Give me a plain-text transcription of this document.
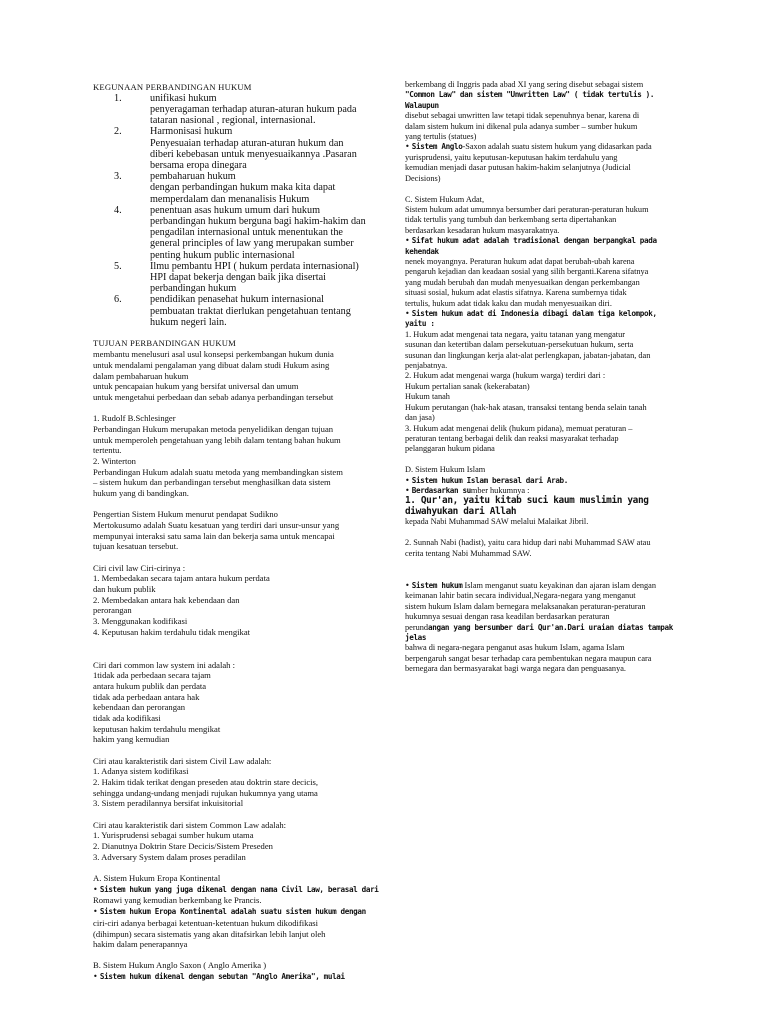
KEGUNAAN PERBANDINGAN HUKUM

1.	unifikasi hukum
penyeragaman terhadap aturan-aturan hukum pada
tataran nasional , regional, internasional.
2.	Harmonisasi hukum
Penyesuaian terhadap aturan-aturan hukum dan
diberi kebebasan untuk menyesuaikannya .Pasaran
bersama eropa dinegara
3.	pembaharuan hukum
dengan perbandingan hukum maka kita dapat
memperdalam dan menanalisis Hukum
4.	penentuan asas hukum umum dari hukum
perbandingan hukum berguna bagi hakim-hakim dan
pengadilan internasional untuk menentukan the
general principles of law yang merupakan sumber
penting hukum public internasional
5.	Ilmu pembantu HPI ( hukum perdata internasional)
HPI dapat bekerja dengan baik jika disertai
perbandingan hukum
6.	pendidikan penasehat hukum internasional
pembuatan traktat dierlukan pengetahuan tentang
hukum negeri lain.

TUJUAN PERBANDINGAN HUKUM

membantu menelusuri asal usul konsepsi perkembangan hukum dunia

untuk mendalami pengalaman yang dibuat dalam studi Hukum asing

dalam pembaharuan hukum

untuk pencapaian hukum yang bersifat universal dan umum

untuk mengetahui perbedaan dan sebab adanya perbandingan tersebut

1. Rudolf B.Schlesinger

Perbandingan Hukum merupakan metoda penyelidikan dengan tujuan

untuk memperoleh pengetahuan yang lebih dalam tentang bahan hukum

tertentu.

2. Winterton

Perbandingan Hukum adalah suatu metoda yang membandingkan sistem

– sistem hukum dan perbandingan tersebut menghasilkan data sistem

hukum yang di bandingkan.

Pengertian Sistem Hukum menurut pendapat Sudikno

Mertokusumo adalah Suatu kesatuan yang terdiri dari unsur-unsur yang

mempunyai interaksi satu sama lain dan bekerja sama untuk mencapai

tujuan kesatuan tersebut.

Ciri civil law Ciri-cirinya :

1. Membedakan secara tajam antara hukum perdata

dan hukum publik

2. Membedakan antara hak kebendaan dan

perorangan

3. Menggunakan kodifikasi

4. Keputusan hakim terdahulu tidak mengikat

Ciri dari common law system ini adalah :

1tidak ada perbedaan secara tajam

antara hukum publik dan perdata

tidak ada perbedaan antara hak

kebendaan dan perorangan

tidak ada kodifikasi

keputusan hakim terdahulu mengikat

hakim yang kemudian

Ciri atau karakteristik dari sistem Civil Law adalah:

1. Adanya sistem kodifikasi

2. Hakim tidak terikat dengan preseden atau doktrin stare decicis,

sehingga undang-undang menjadi rujukan hukumnya yang utama

3. Sistem peradilannya bersifat inkuisitorial

Ciri atau karakteristik dari sistem Common Law adalah:

1. Yurisprudensi sebagai sumber hukum utama

2. Dianutnya Doktrin Stare Decicis/Sistem Preseden

3. Adversary System dalam proses peradilan

A. Sistem Hukum Eropa Kontinental

• Sistem hukum yang juga dikenal dengan nama Civil Law, berasal dari

Romawi yang kemudian berkembang ke Prancis.

• Sistem hukum Eropa Kontinental adalah suatu sistem hukum dengan

ciri-ciri adanya berbagai ketentuan-ketentuan hukum dikodifikasi

(dihimpun) secara sistematis yang akan ditafsirkan lebih lanjut oleh

hakim dalam penerapannya

B. Sistem Hukum Anglo Saxon ( Anglo Amerika )

• Sistem hukum dikenal dengan sebutan "Anglo Amerika", mulai

berkembang di Inggris pada abad XI yang sering disebut sebagai sistem

"Common Law" dan sistem "Unwritten Law" ( tidak tertulis ). Walaupun

disebut sebagai unwritten law tetapi tidak sepenuhnya benar, karena di

dalam sistem hukum ini dikenal pula adanya sumber – sumber hukum

yang tertulis (statues)

• Sistem Anglo-Saxon adalah suatu sistem hukum yang didasarkan pada

yurisprudensi, yaitu keputusan-keputusan hakim terdahulu yang

kemudian menjadi dasar putusan hakim-hakim selanjutnya (Judicial

Decisions)

C. Sistem Hukum Adat,

Sistem hukum adat umumnya bersumber dari peraturan-peraturan hukum

tidak tertulis yang tumbuh dan berkembang serta dipertahankan

berdasarkan kesadaran hukum masyarakatnya.

• Sifat hukum adat adalah tradisional dengan berpangkal pada kehendak

nenek moyangnya. Peraturan hukum adat dapat berubah-ubah karena

pengaruh kejadian dan keadaan sosial yang silih berganti.Karena sifatnya

yang mudah berubah dan mudah menyesuaikan dengan perkembangan

situasi sosial, hukum adat elastis sifatnya. Karena sumbernya tidak

tertulis, hukum adat tidak kaku dan mudah menyesuaikan diri.

• Sistem hukum adat di Indonesia dibagi dalam tiga kelompok, yaitu :

1. Hukum adat mengenai tata negara, yaitu tatanan yang mengatur

susunan dan ketertiban dalam persekutuan-persekutuan hukum, serta

susunan dan lingkungan kerja alat-alat perlengkapan, jabatan-jabatan, dan

penjabatnya.

2. Hukum adat mengenai warga (hukum warga) terdiri dari :

Hukum pertalian sanak (kekerabatan)

Hukum tanah

Hukum perutangan (hak-hak atasan, transaksi tentang benda selain tanah

dan jasa)

3. Hukum adat mengenai delik (hukum pidana), memuat peraturan –

peraturan tentang berbagai delik dan reaksi masyarakat terhadap

pelanggaran hukum pidana

D. Sistem Hukum Islam

• Sistem hukum Islam berasal dari Arab.

• Berdasarkan sumber hukumnya :

1. Qur'an, yaitu kitab suci kaum muslimin yang diwahyukan dari Allah

kepada Nabi Muhammad SAW melalui Malaikat Jibril.

2. Sunnah Nabi (hadist), yaitu cara hidup dari nabi Muhammad SAW atau

cerita tentang Nabi Muhammad SAW.

• Sistem hukum Islam menganut suatu keyakinan dan ajaran islam dengan

keimanan lahir batin secara individual,Negara-negara yang menganut

sistem hukum Islam dalam bernegara melaksanakan peraturan-peraturan

hukumnya sesuai dengan rasa keadilan berdasarkan peraturan

perundangan yang bersumber dari Qur'an.Dari uraian diatas tampak jelas

bahwa di negara-negara penganut asas hukum Islam, agama Islam

berpengaruh sangat besar terhadap cara pembentukan negara maupun cara

bernegara dan bermasyarakat bagi warga negara dan penguasanya.
